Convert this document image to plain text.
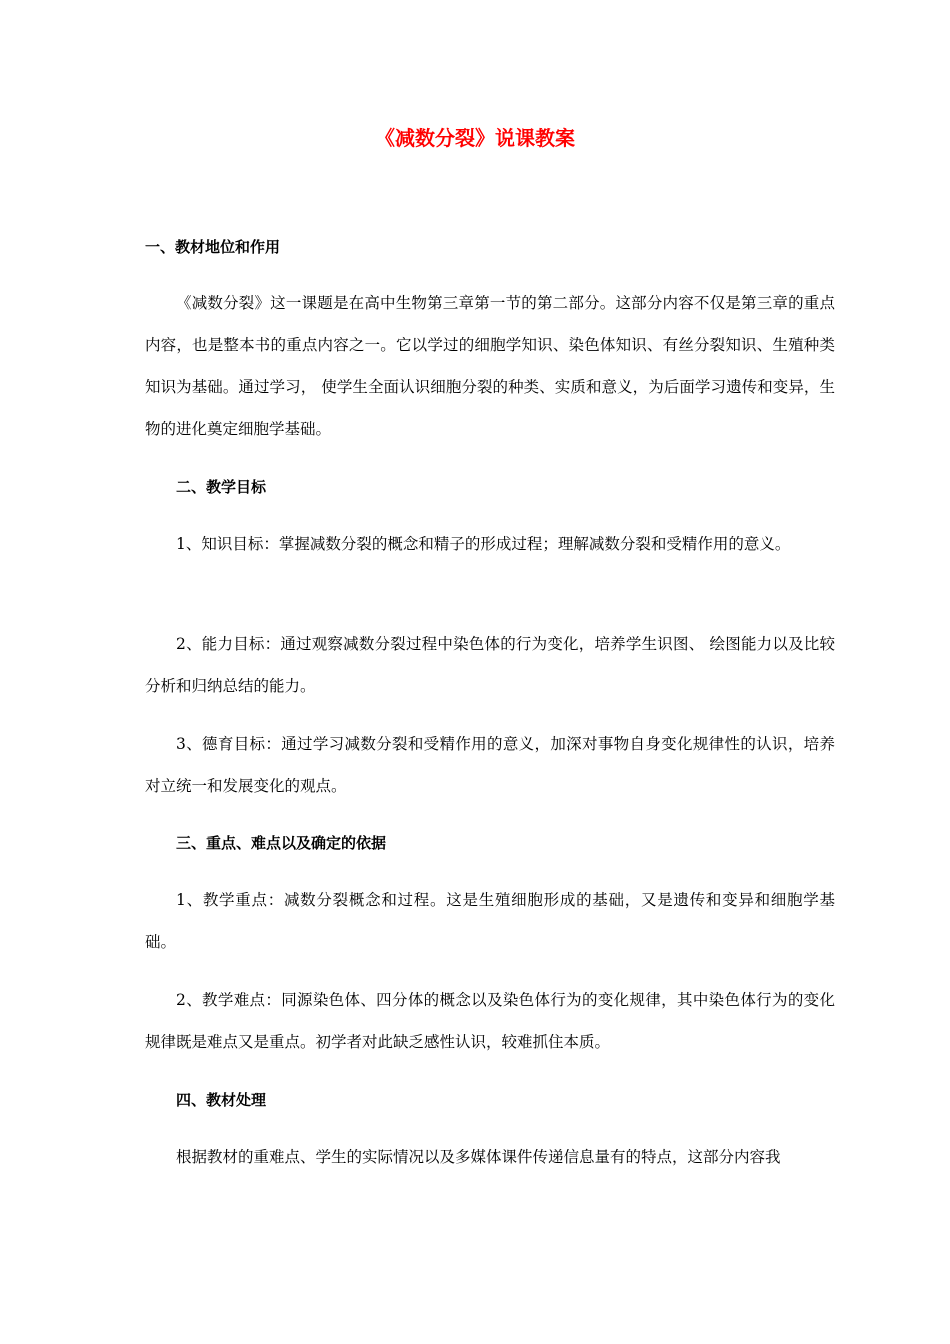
《减数分裂》说课教案
一、教材地位和作用
《减数分裂》这一课题是在高中生物第三章第一节的第二部分。这部分内容不仅是第三章的重点内容，也是整本书的重点内容之一。它以学过的细胞学知识、染色体知识、有丝分裂知识、生殖种类知识为基础。通过学习， 使学生全面认识细胞分裂的种类、实质和意义，为后面学习遗传和变异，生物的进化奠定细胞学基础。
二、教学目标
1、知识目标：掌握减数分裂的概念和精子的形成过程；理解减数分裂和受精作用的意义。
2、能力目标：通过观察减数分裂过程中染色体的行为变化，培养学生识图、 绘图能力以及比较分析和归纳总结的能力。
3、德育目标：通过学习减数分裂和受精作用的意义，加深对事物自身变化规律性的认识，培养对立统一和发展变化的观点。
三、重点、难点以及确定的依据
1、教学重点：减数分裂概念和过程。这是生殖细胞形成的基础，又是遗传和变异和细胞学基础。
2、教学难点：同源染色体、四分体的概念以及染色体行为的变化规律，其中染色体行为的变化规律既是难点又是重点。初学者对此缺乏感性认识，较难抓住本质。
四、教材处理
根据教材的重难点、学生的实际情况以及多媒体课件传递信息量有的特点，这部分内容我
